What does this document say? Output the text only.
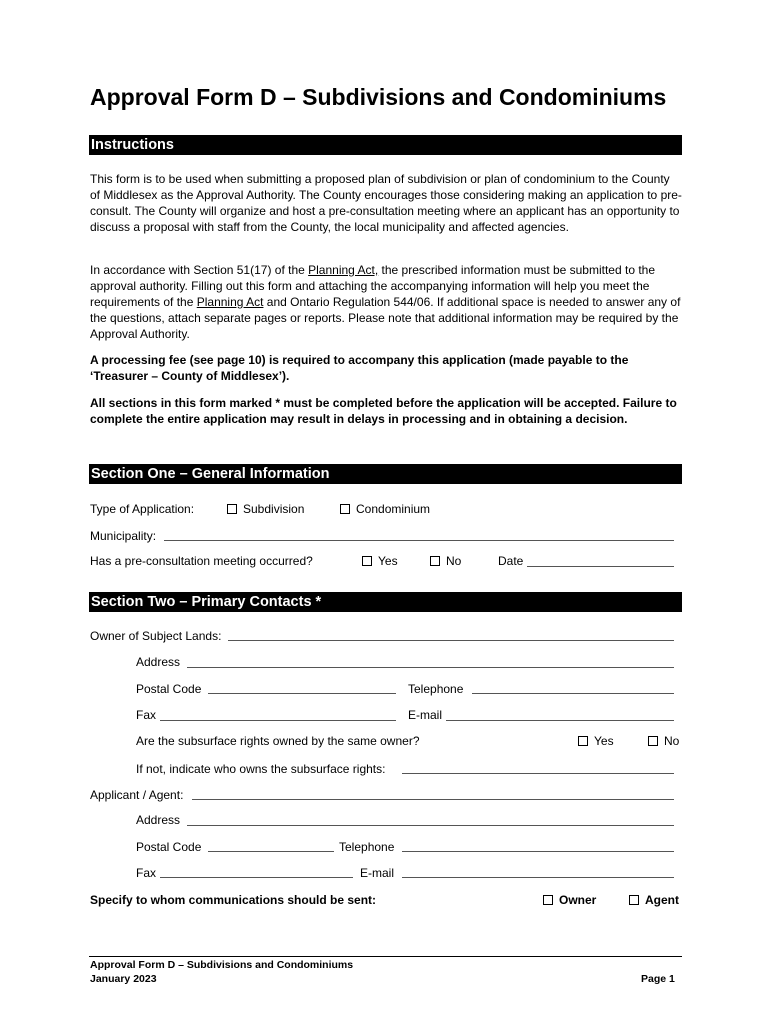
Approval Form D – Subdivisions and Condominiums
Instructions
This form is to be used when submitting a proposed plan of subdivision or plan of condominium to the County of Middlesex as the Approval Authority. The County encourages those considering making an application to pre-consult. The County will organize and host a pre-consultation meeting where an applicant has an opportunity to discuss a proposal with staff from the County, the local municipality and affected agencies.
In accordance with Section 51(17) of the Planning Act, the prescribed information must be submitted to the approval authority. Filling out this form and attaching the accompanying information will help you meet the requirements of the Planning Act and Ontario Regulation 544/06. If additional space is needed to answer any of the questions, attach separate pages or reports. Please note that additional information may be required by the Approval Authority.
A processing fee (see page 10) is required to accompany this application (made payable to the ‘Treasurer – County of Middlesex’).
All sections in this form marked * must be completed before the application will be accepted. Failure to complete the entire application may result in delays in processing and in obtaining a decision.
Section One – General Information
Type of Application:	Subdivision	Condominium
Municipality:
Has a pre-consultation meeting occurred?	Yes	No	Date
Section Two – Primary Contacts *
Owner of Subject Lands:
Address
Postal Code	Telephone
Fax	E-mail
Are the subsurface rights owned by the same owner?	Yes	No
If not, indicate who owns the subsurface rights:
Applicant / Agent:
Address
Postal Code	Telephone
Fax	E-mail
Specify to whom communications should be sent:	Owner	Agent
Approval Form D – Subdivisions and Condominiums
January 2023	Page 1
